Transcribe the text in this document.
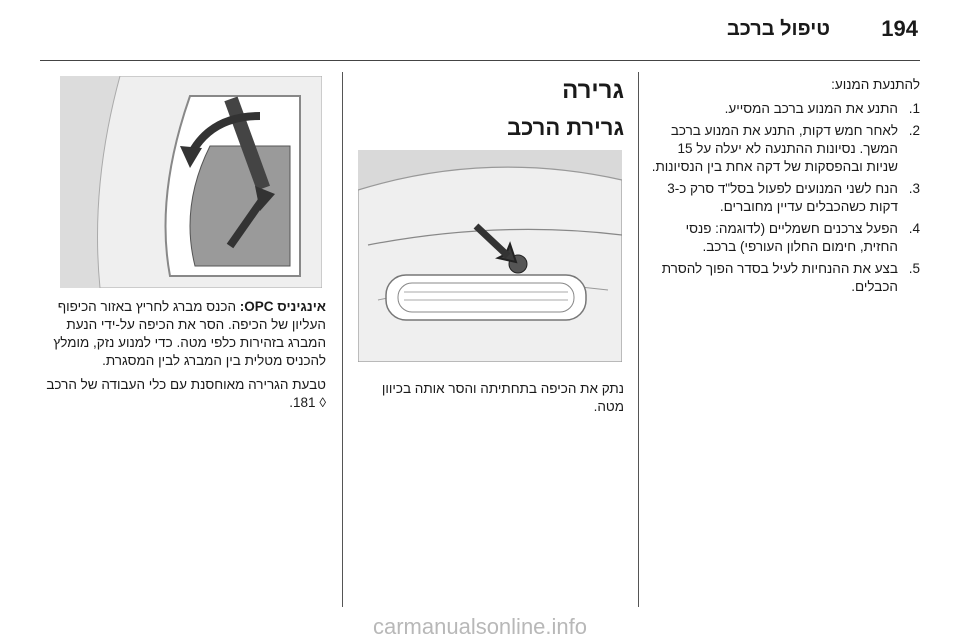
טיפול ברכב 194

להתנעת המנוע:

1.
התנע את המנוע ברכב המסייע.
2.
לאחר חמש דקות, התנע את המנוע ברכב המשך. נסיונות ההתנעה לא יעלה על 15 שניות ובהפסקות של דקה אחת בין הנסיונות.
3.
הנח לשני המנועים לפעול בסל"ד סרק כ-3 דקות כשהכבלים עדיין מחוברים.
4.
הפעל צרכנים חשמליים (לדוגמה: פנסי החזית, חימום החלון העורפי) ברכב.
5.
בצע את ההנחיות לעיל בסדר הפוך להסרת הכבלים.
גרירה
גרירת הרכב

נתק את הכיפה בתחתיתה והסר אותה בכיוון מטה.

אינגיניס OPC: הכנס מברג לחריץ באזור הכיפוף העליון של הכיפה. הסר את הכיפה על-ידי הנעת המברג בזהירות כלפי מטה. כדי למנוע נזק, מומלץ להכניס מטלית בין המברג לבין המסגרת.

טבעת הגרירה מאוחסנת עם כלי העבודה של הרכב ◊ 181.

carmanualsonline.info
